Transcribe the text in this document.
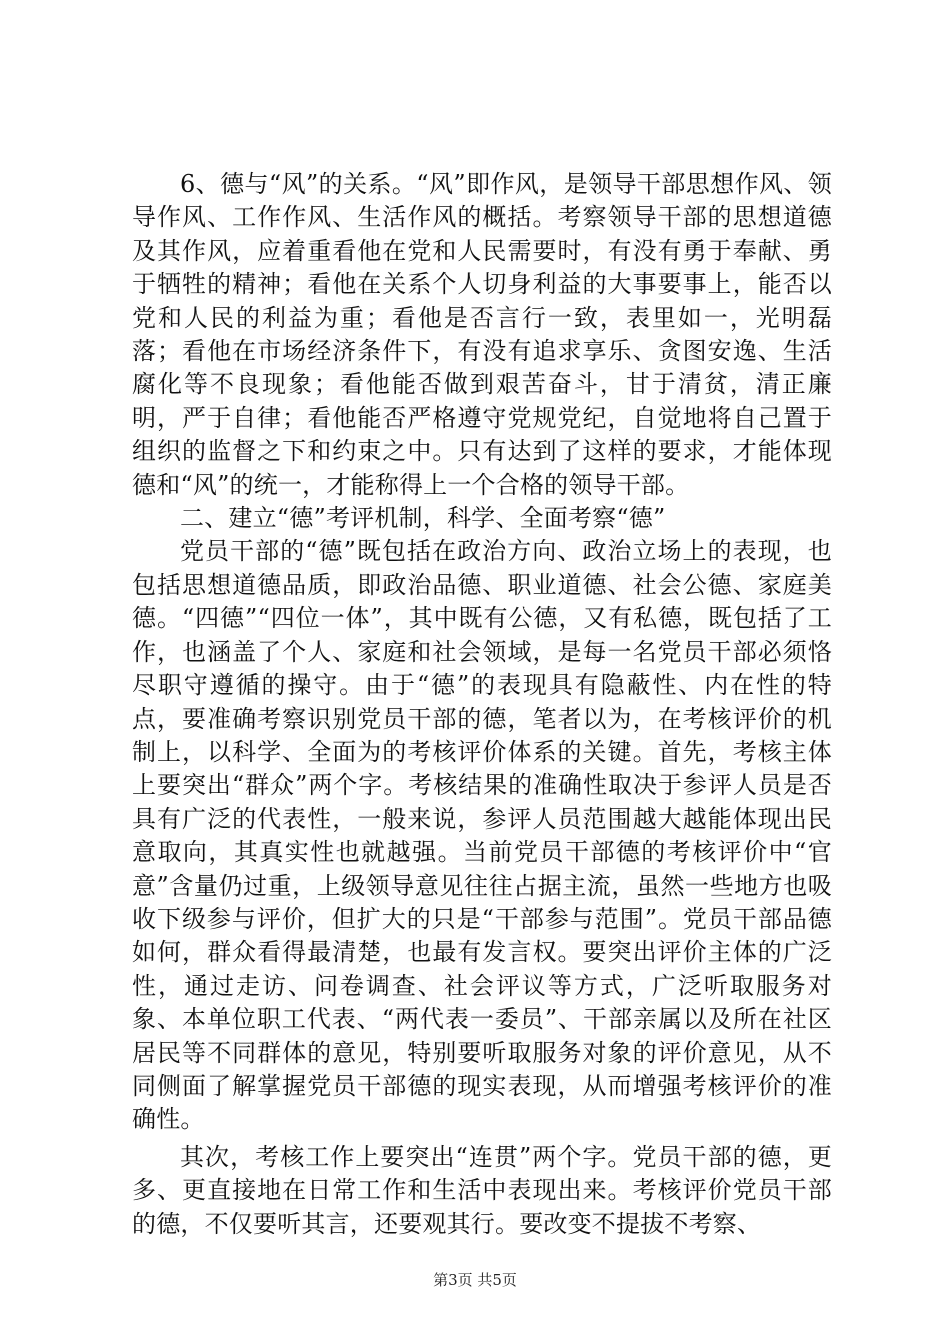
6、德与“风”的关系。“风”即作风，是领导干部思想作风、领导作风、工作作风、生活作风的概括。考察领导干部的思想道德及其作风，应着重看他在党和人民需要时，有没有勇于奉献、勇于牺牲的精神；看他在关系个人切身利益的大事要事上，能否以党和人民的利益为重；看他是否言行一致，表里如一，光明磊落；看他在市场经济条件下，有没有追求享乐、贪图安逸、生活腐化等不良现象；看他能否做到艰苦奋斗，甘于清贫，清正廉明，严于自律；看他能否严格遵守党规党纪，自觉地将自己置于组织的监督之下和约束之中。只有达到了这样的要求，才能体现德和“风”的统一，才能称得上一个合格的领导干部。

二、建立“德”考评机制，科学、全面考察“德”

党员干部的“德”既包括在政治方向、政治立场上的表现，也包括思想道德品质，即政治品德、职业道德、社会公德、家庭美德。“四德”“四位一体”，其中既有公德，又有私德，既包括了工作，也涵盖了个人、家庭和社会领域，是每一名党员干部必须恪尽职守遵循的操守。由于“德”的表现具有隐蔽性、内在性的特点，要准确考察识别党员干部的德，笔者以为，在考核评价的机制上，以科学、全面为的考核评价体系的关键。首先，考核主体上要突出“群众”两个字。考核结果的准确性取决于参评人员是否具有广泛的代表性，一般来说，参评人员范围越大越能体现出民意取向，其真实性也就越强。当前党员干部德的考核评价中“官意”含量仍过重，上级领导意见往往占据主流，虽然一些地方也吸收下级参与评价，但扩大的只是“干部参与范围”。党员干部品德如何，群众看得最清楚，也最有发言权。要突出评价主体的广泛性，通过走访、问卷调查、社会评议等方式，广泛听取服务对象、本单位职工代表、“两代表一委员”、干部亲属以及所在社区居民等不同群体的意见，特别要听取服务对象的评价意见，从不同侧面了解掌握党员干部德的现实表现，从而增强考核评价的准确性。

其次，考核工作上要突出“连贯”两个字。党员干部的德，更多、更直接地在日常工作和生活中表现出来。考核评价党员干部的德，不仅要听其言，还要观其行。要改变不提拔不考察、

第3页 共5页
